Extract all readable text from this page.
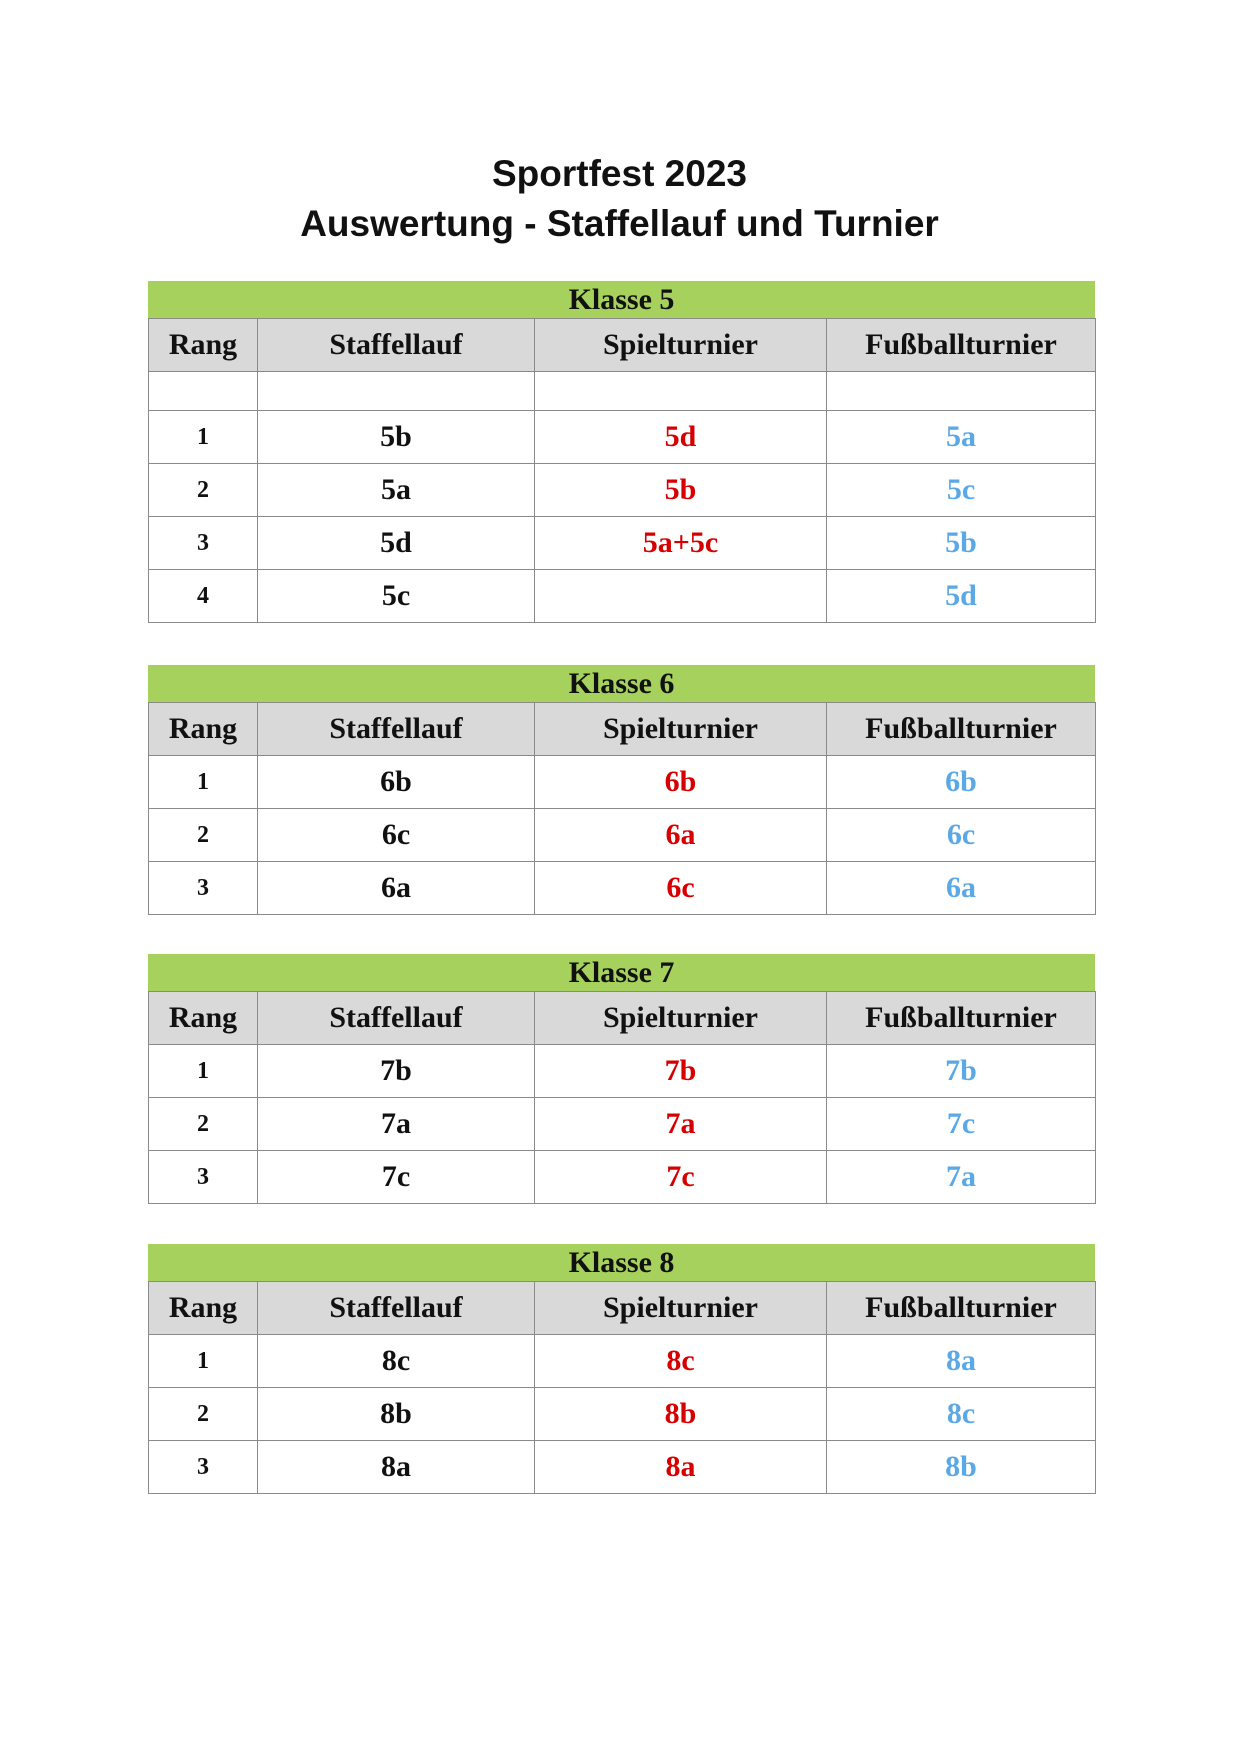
Sportfest 2023
Auswertung - Staffellauf und Turnier
Klasse 5
Rang	Staffellauf	Spielturnier	Fußballturnier

1	5b	5d	5a
2	5a	5b	5c
3	5d	5a+5c	5b
4	5c		5d
Klasse 6
Rang	Staffellauf	Spielturnier	Fußballturnier
1	6b	6b	6b
2	6c	6a	6c
3	6a	6c	6a
Klasse 7
Rang	Staffellauf	Spielturnier	Fußballturnier
1	7b	7b	7b
2	7a	7a	7c
3	7c	7c	7a
Klasse 8
Rang	Staffellauf	Spielturnier	Fußballturnier
1	8c	8c	8a
2	8b	8b	8c
3	8a	8a	8b
